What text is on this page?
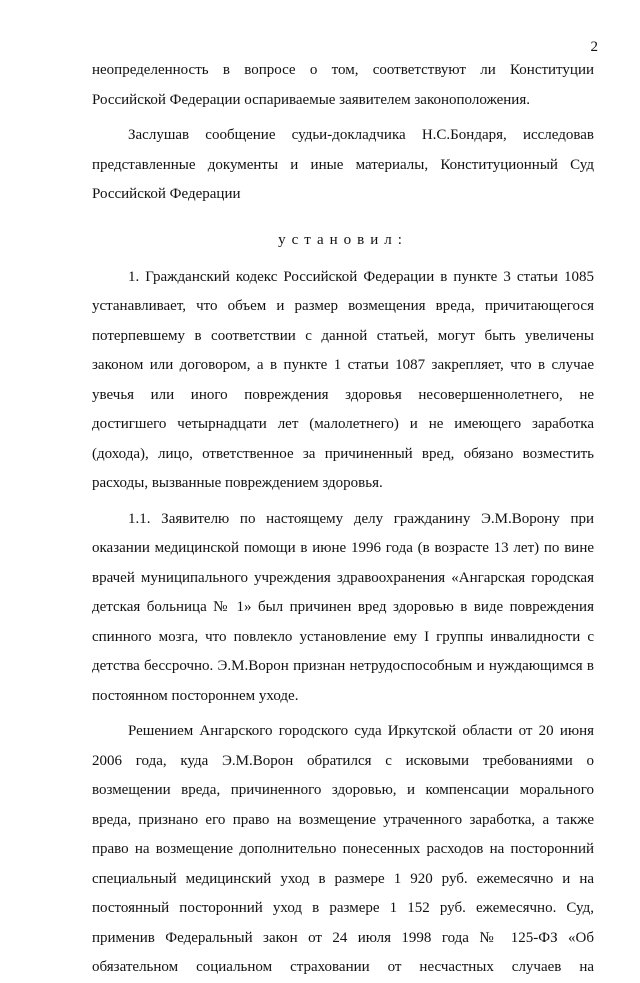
2
неопределенность в вопросе о том, соответствуют ли Конституции
Российской Федерации оспариваемые заявителем законоположения.
Заслушав сообщение судьи-докладчика Н.С.Бондаря, исследовав
представленные документы и иные материалы, Конституционный Суд
Российской Федерации
установил:
1. Гражданский кодекс Российской Федерации в пункте 3 статьи 1085
устанавливает, что объем и размер возмещения вреда, причитающегося
потерпевшему в соответствии с данной статьей, могут быть увеличены
законом или договором, а в пункте 1 статьи 1087 закрепляет, что в случае
увечья или иного повреждения здоровья несовершеннолетнего, не
достигшего четырнадцати лет (малолетнего) и не имеющего заработка
(дохода), лицо, ответственное за причиненный вред, обязано возместить
расходы, вызванные повреждением здоровья.
1.1. Заявителю по настоящему делу гражданину Э.М.Ворону при
оказании медицинской помощи в июне 1996 года (в возрасте 13 лет) по вине
врачей муниципального учреждения здравоохранения «Ангарская городская
детская больница № 1» был причинен вред здоровью в виде повреждения
спинного мозга, что повлекло установление ему I группы инвалидности с
детства бессрочно. Э.М.Ворон признан нетрудоспособным и нуждающимся в
постоянном постороннем уходе.
Решением Ангарского городского суда Иркутской области от 20 июня
2006 года, куда Э.М.Ворон обратился с исковыми требованиями о
возмещении вреда, причиненного здоровью, и компенсации морального
вреда, признано его право на возмещение утраченного заработка, а также
право на возмещение дополнительно понесенных расходов на посторонний
специальный медицинский уход в размере 1 920 руб. ежемесячно и на
постоянный посторонний уход в размере 1 152 руб. ежемесячно. Суд,
применив Федеральный закон от 24 июля 1998 года № 125-ФЗ «Об
обязательном социальном страховании от несчастных случаев на
